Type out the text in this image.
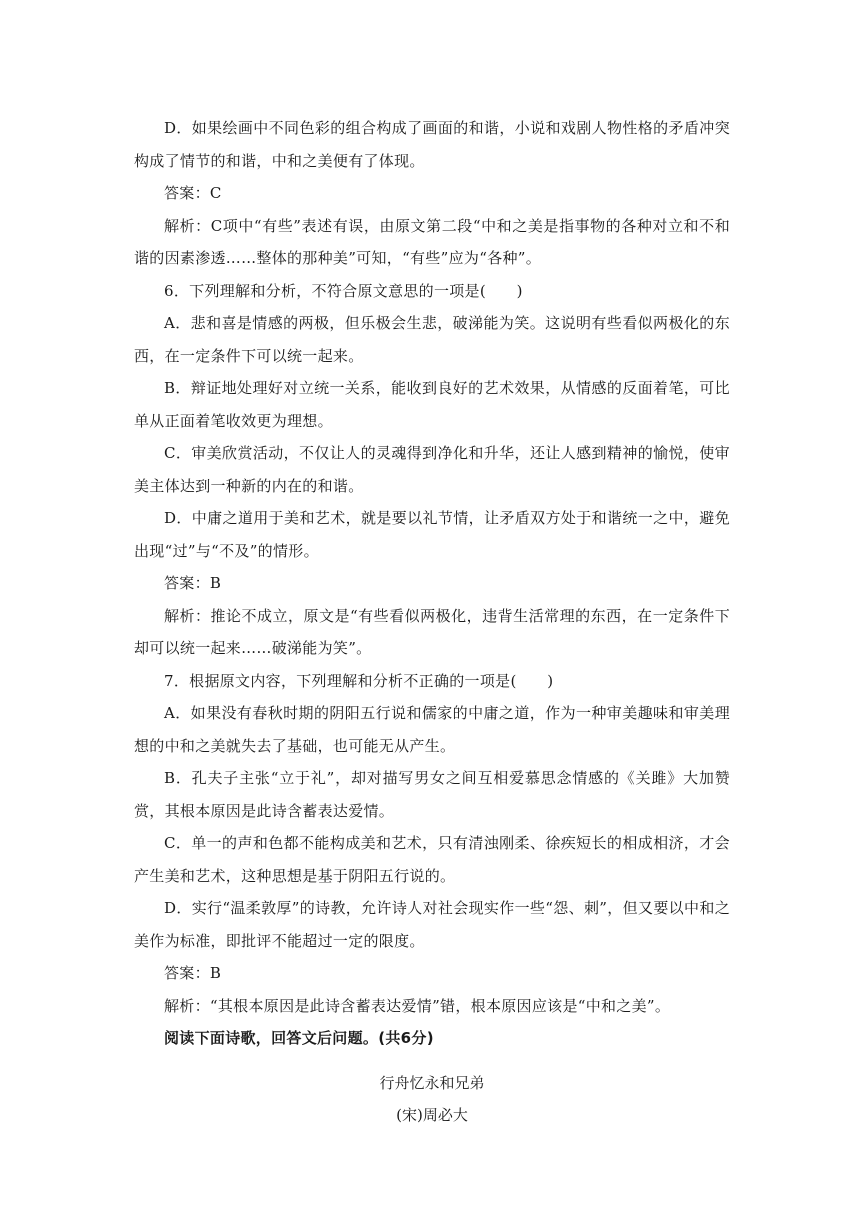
D．如果绘画中不同色彩的组合构成了画面的和谐，小说和戏剧人物性格的矛盾冲突构成了情节的和谐，中和之美便有了体现。

答案：C

解析：C项中“有些”表述有误，由原文第二段“中和之美是指事物的各种对立和不和谐的因素渗透……整体的那种美”可知，“有些”应为“各种”。

6．下列理解和分析，不符合原文意思的一项是(　　)

A．悲和喜是情感的两极，但乐极会生悲，破涕能为笑。这说明有些看似两极化的东西，在一定条件下可以统一起来。

B．辩证地处理好对立统一关系，能收到良好的艺术效果，从情感的反面着笔，可比单从正面着笔收效更为理想。

C．审美欣赏活动，不仅让人的灵魂得到净化和升华，还让人感到精神的愉悦，使审美主体达到一种新的内在的和谐。

D．中庸之道用于美和艺术，就是要以礼节情，让矛盾双方处于和谐统一之中，避免出现“过”与“不及”的情形。

答案：B

解析：推论不成立，原文是“有些看似两极化，违背生活常理的东西，在一定条件下却可以统一起来……破涕能为笑”。

7．根据原文内容，下列理解和分析不正确的一项是(　　)

A．如果没有春秋时期的阴阳五行说和儒家的中庸之道，作为一种审美趣味和审美理想的中和之美就失去了基础，也可能无从产生。

B．孔夫子主张“立于礼”，却对描写男女之间互相爱慕思念情感的《关雎》大加赞赏，其根本原因是此诗含蓄表达爱情。

C．单一的声和色都不能构成美和艺术，只有清浊刚柔、徐疾短长的相成相济，才会产生美和艺术，这种思想是基于阴阳五行说的。

D．实行“温柔敦厚”的诗教，允许诗人对社会现实作一些“怨、刺”，但又要以中和之美作为标准，即批评不能超过一定的限度。

答案：B

解析：“其根本原因是此诗含蓄表达爱情”错，根本原因应该是“中和之美”。

阅读下面诗歌，回答文后问题。(共6分)

行舟忆永和兄弟

(宋)周必大
